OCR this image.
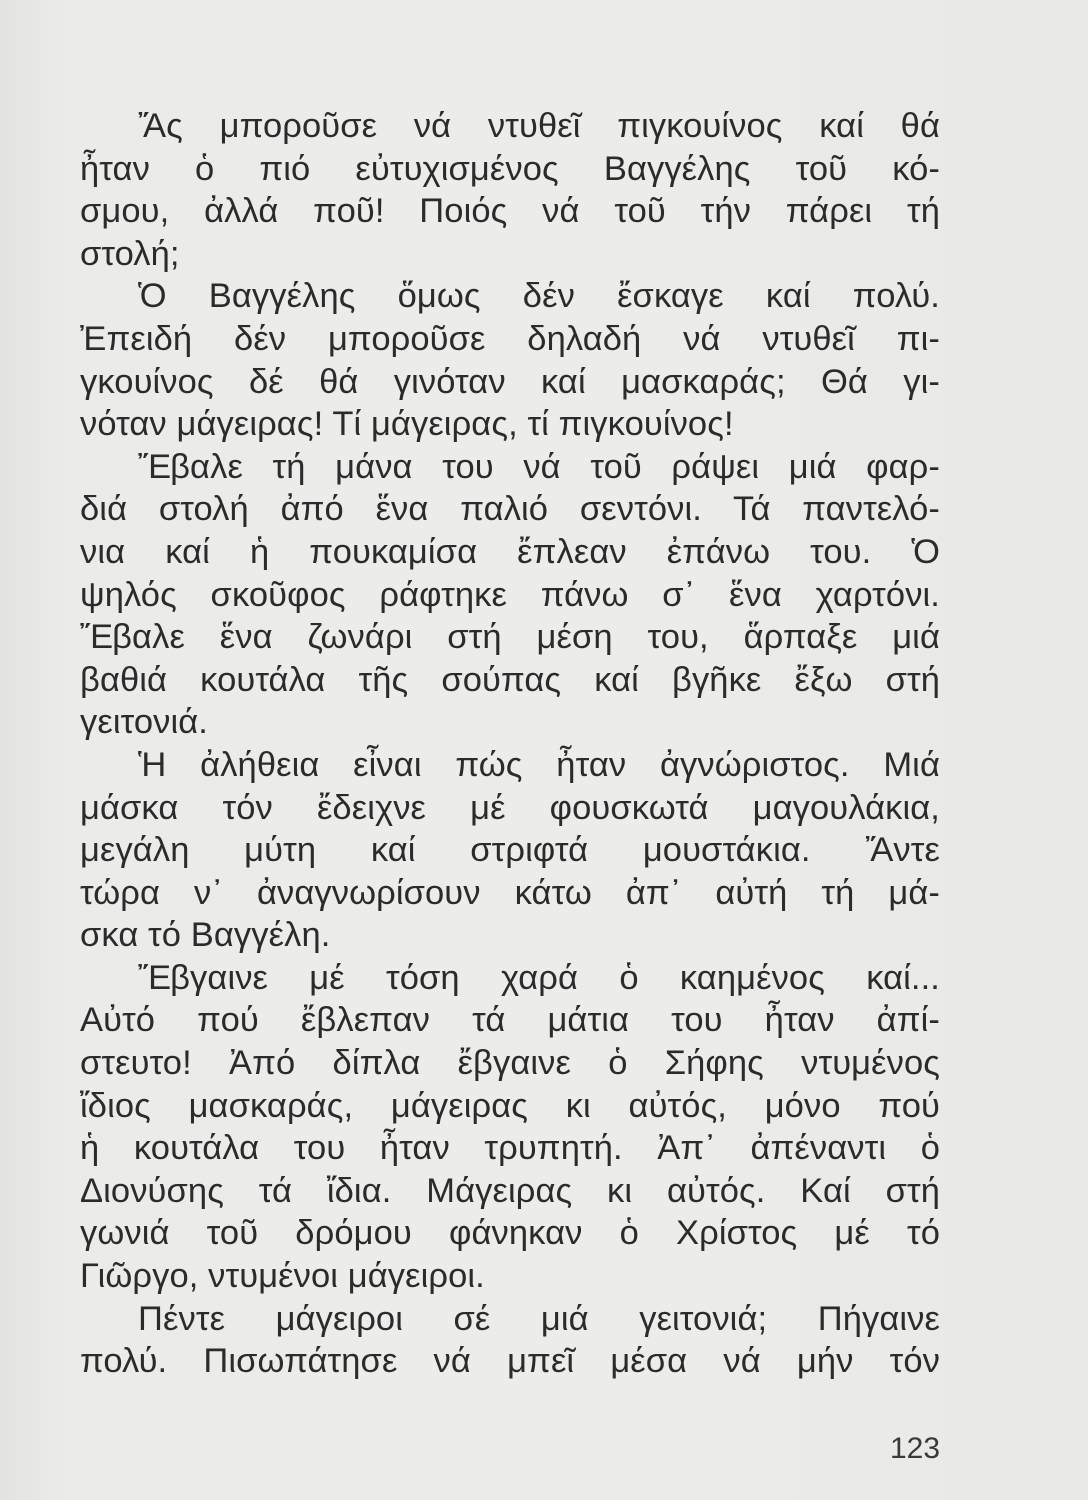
Ἄς μποροῦσε νά ντυθεῖ πιγκουίνος καί θά
ἦταν ὁ πιό εὐτυχισμένος Βαγγέλης τοῦ κό-
σμου, ἀλλά ποῦ! Ποιός νά τοῦ τήν πάρει τή
στολή;
Ὁ Βαγγέλης ὅμως δέν ἔσκαγε καί πολύ.
Ἐπειδή δέν μποροῦσε δηλαδή νά ντυθεῖ πι-
γκουίνος δέ θά γινόταν καί μασκαράς; Θά γι-
νόταν μάγειρας! Τί μάγειρας, τί πιγκουίνος!
Ἔβαλε τή μάνα του νά τοῦ ράψει μιά φαρ-
διά στολή ἀπό ἕνα παλιό σεντόνι. Τά παντελό-
νια καί ἡ πουκαμίσα ἔπλεαν ἐπάνω του. Ὁ
ψηλός σκοῦφος ράφτηκε πάνω σ᾽ ἕνα χαρτόνι.
Ἔβαλε ἕνα ζωνάρι στή μέση του, ἅρπαξε μιά
βαθιά κουτάλα τῆς σούπας καί βγῆκε ἔξω στή
γειτονιά.
Ἡ ἀλήθεια εἶναι πώς ἦταν ἀγνώριστος. Μιά
μάσκα τόν ἔδειχνε μέ φουσκωτά μαγουλάκια,
μεγάλη μύτη καί στριφτά μουστάκια. Ἄντε
τώρα ν᾽ ἀναγνωρίσουν κάτω ἀπ᾽ αὐτή τή μά-
σκα τό Βαγγέλη.
Ἔβγαινε μέ τόση χαρά ὁ καημένος καί...
Αὐτό πού ἔβλεπαν τά μάτια του ἦταν ἀπί-
στευτο! Ἀπό δίπλα ἔβγαινε ὁ Σήφης ντυμένος
ἴδιος μασκαράς, μάγειρας κι αὐτός, μόνο πού
ἡ κουτάλα του ἦταν τρυπητή. Ἀπ᾽ ἀπέναντι ὁ
Διονύσης τά ἴδια. Μάγειρας κι αὐτός. Καί στή
γωνιά τοῦ δρόμου φάνηκαν ὁ Χρίστος μέ τό
Γιῶργο, ντυμένοι μάγειροι.
Πέντε μάγειροι σέ μιά γειτονιά; Πήγαινε
πολύ. Πισωπάτησε νά μπεῖ μέσα νά μήν τόν
123
